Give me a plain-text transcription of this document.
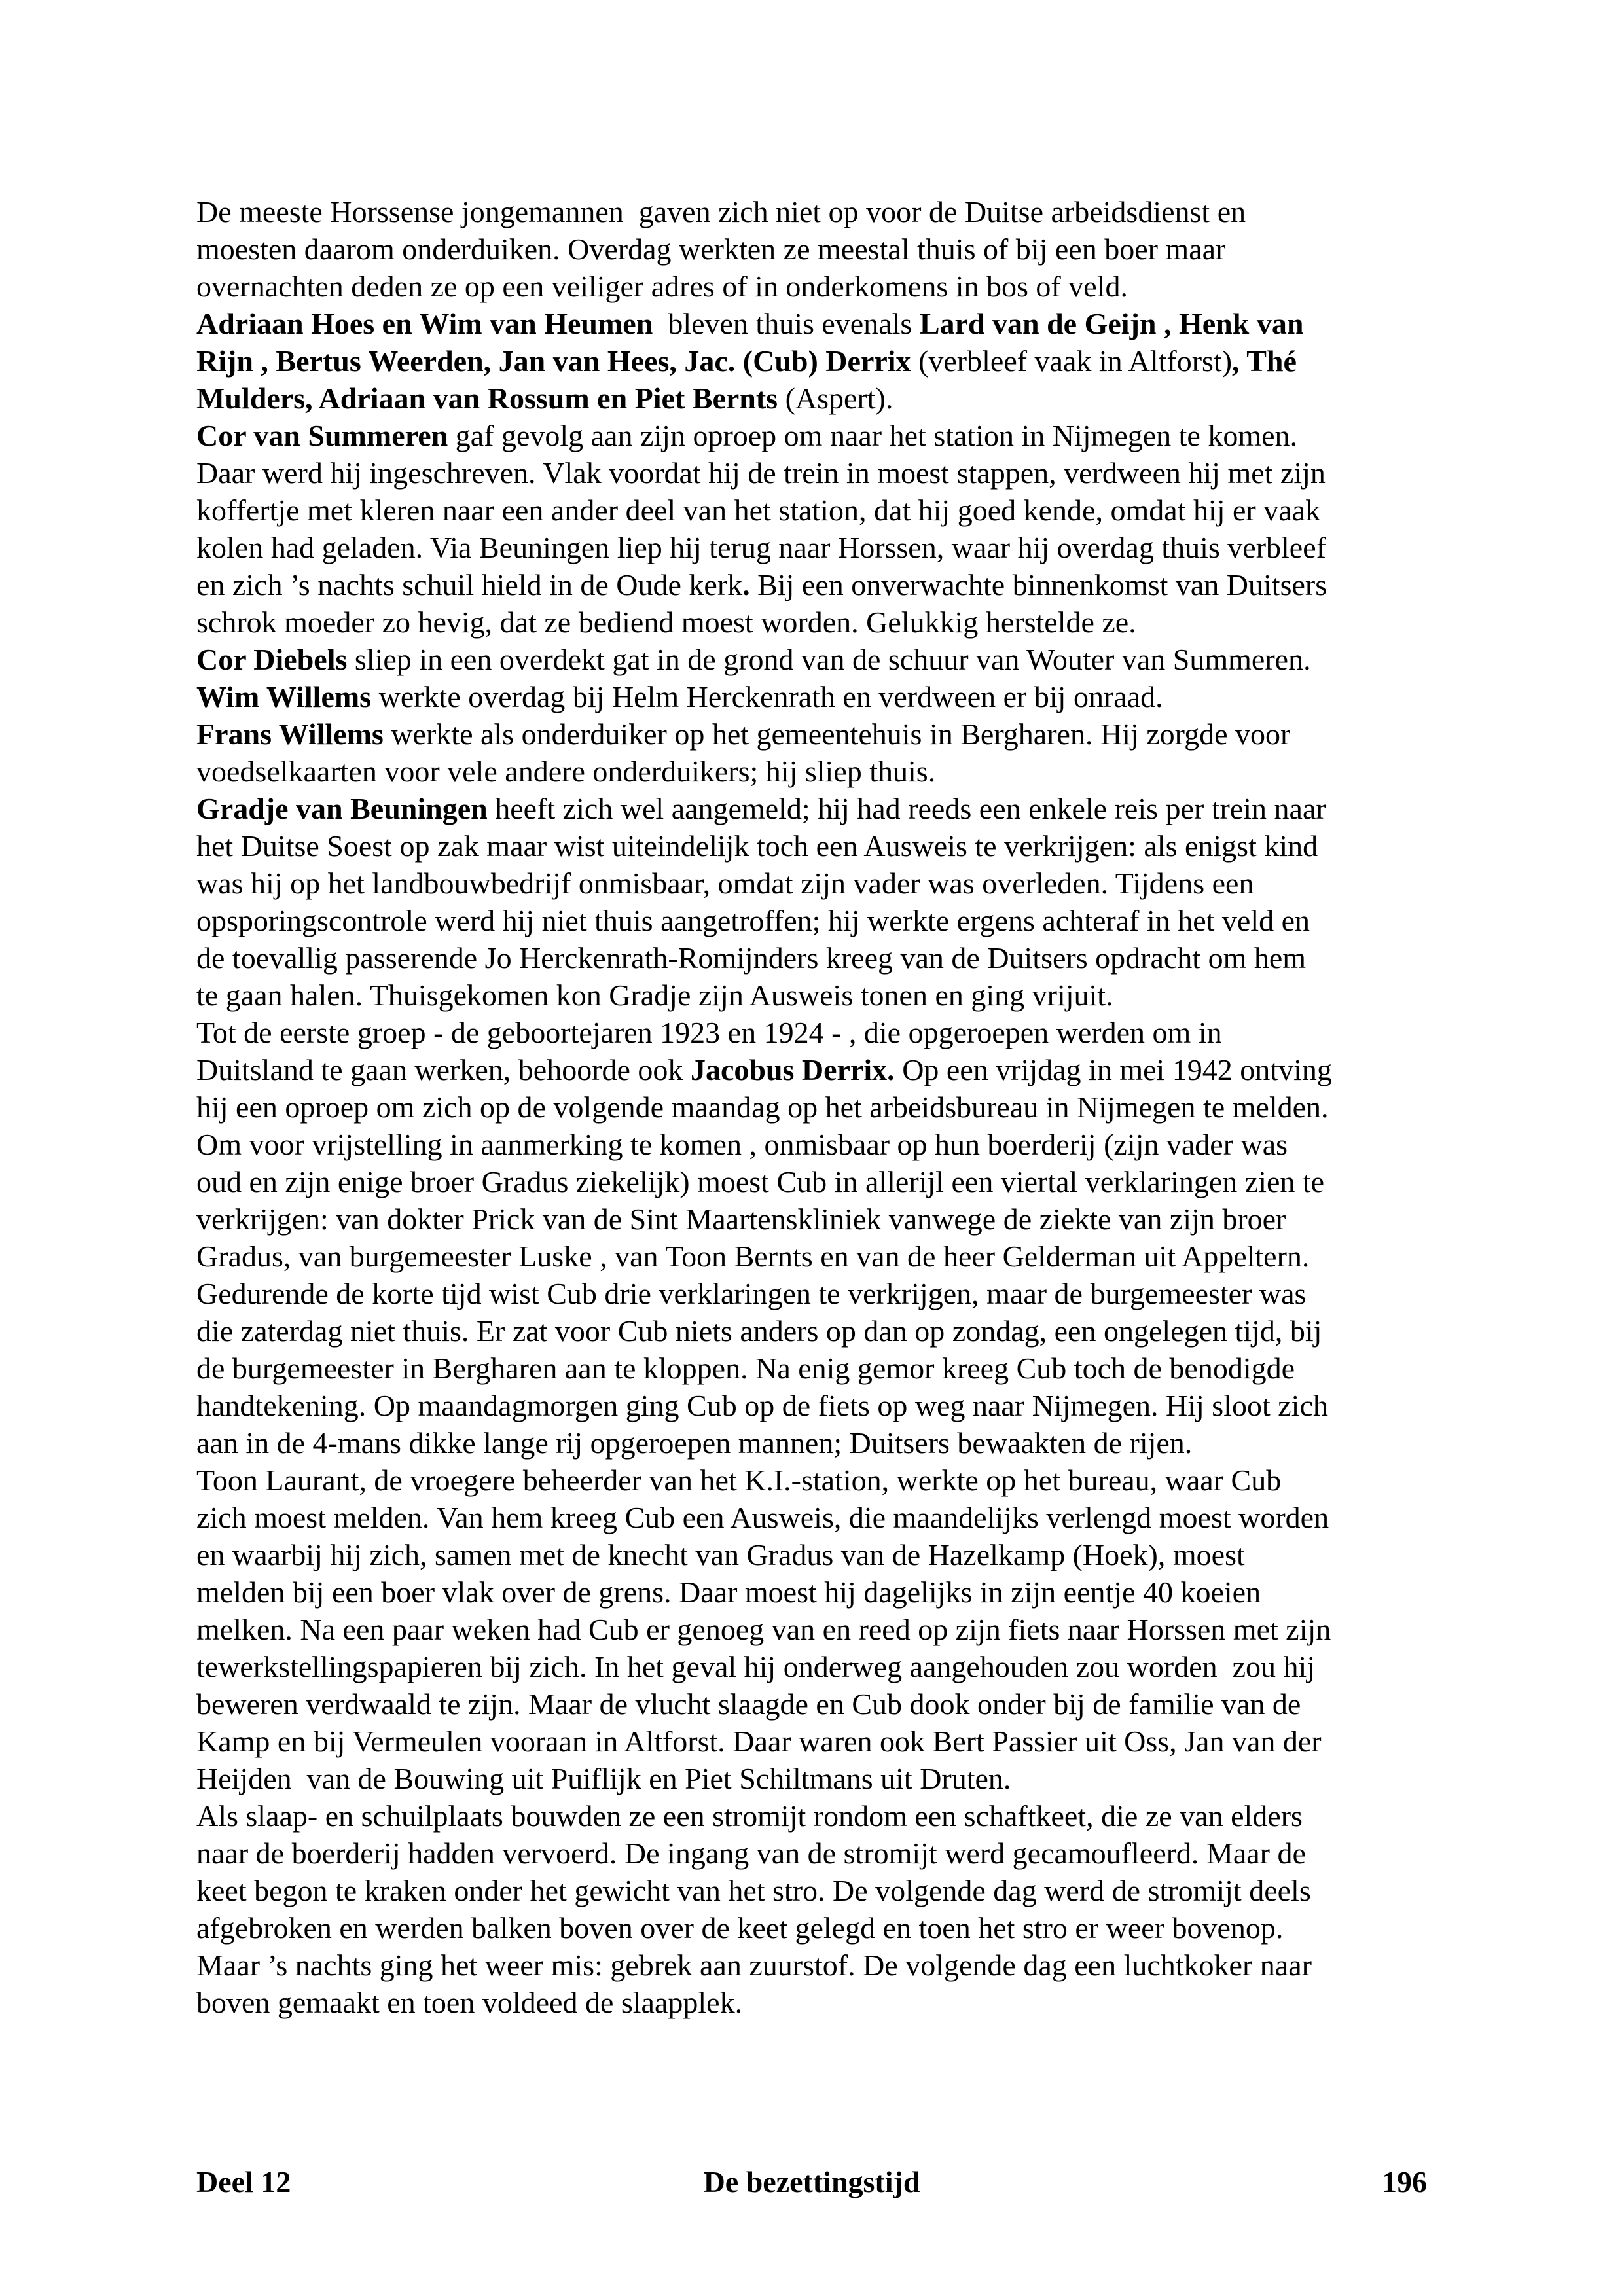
De meeste Horssense jongemannen  gaven zich niet op voor de Duitse arbeidsdienst en
moesten daarom onderduiken. Overdag werkten ze meestal thuis of bij een boer maar
overnachten deden ze op een veiliger adres of in onderkomens in bos of veld.
Adriaan Hoes en Wim van Heumen  bleven thuis evenals Lard van de Geijn , Henk van
Rijn , Bertus Weerden, Jan van Hees, Jac. (Cub) Derrix (verbleef vaak in Altforst), Thé
Mulders, Adriaan van Rossum en Piet Bernts (Aspert).
Cor van Summeren gaf gevolg aan zijn oproep om naar het station in Nijmegen te komen.
Daar werd hij ingeschreven. Vlak voordat hij de trein in moest stappen, verdween hij met zijn
koffertje met kleren naar een ander deel van het station, dat hij goed kende, omdat hij er vaak
kolen had geladen. Via Beuningen liep hij terug naar Horssen, waar hij overdag thuis verbleef
en zich ’s nachts schuil hield in de Oude kerk. Bij een onverwachte binnenkomst van Duitsers
schrok moeder zo hevig, dat ze bediend moest worden. Gelukkig herstelde ze.
Cor Diebels sliep in een overdekt gat in de grond van de schuur van Wouter van Summeren.
Wim Willems werkte overdag bij Helm Herckenrath en verdween er bij onraad.
Frans Willems werkte als onderduiker op het gemeentehuis in Bergharen. Hij zorgde voor
voedselkaarten voor vele andere onderduikers; hij sliep thuis.
Gradje van Beuningen heeft zich wel aangemeld; hij had reeds een enkele reis per trein naar
het Duitse Soest op zak maar wist uiteindelijk toch een Ausweis te verkrijgen: als enigst kind
was hij op het landbouwbedrijf onmisbaar, omdat zijn vader was overleden. Tijdens een
opsporingscontrole werd hij niet thuis aangetroffen; hij werkte ergens achteraf in het veld en
de toevallig passerende Jo Herckenrath-Romijnders kreeg van de Duitsers opdracht om hem
te gaan halen. Thuisgekomen kon Gradje zijn Ausweis tonen en ging vrijuit.
Tot de eerste groep - de geboortejaren 1923 en 1924 - , die opgeroepen werden om in
Duitsland te gaan werken, behoorde ook Jacobus Derrix. Op een vrijdag in mei 1942 ontving
hij een oproep om zich op de volgende maandag op het arbeidsbureau in Nijmegen te melden.
Om voor vrijstelling in aanmerking te komen , onmisbaar op hun boerderij (zijn vader was
oud en zijn enige broer Gradus ziekelijk) moest Cub in allerijl een viertal verklaringen zien te
verkrijgen: van dokter Prick van de Sint Maartenskliniek vanwege de ziekte van zijn broer
Gradus, van burgemeester Luske , van Toon Bernts en van de heer Gelderman uit Appeltern.
Gedurende de korte tijd wist Cub drie verklaringen te verkrijgen, maar de burgemeester was
die zaterdag niet thuis. Er zat voor Cub niets anders op dan op zondag, een ongelegen tijd, bij
de burgemeester in Bergharen aan te kloppen. Na enig gemor kreeg Cub toch de benodigde
handtekening. Op maandagmorgen ging Cub op de fiets op weg naar Nijmegen. Hij sloot zich
aan in de 4-mans dikke lange rij opgeroepen mannen; Duitsers bewaakten de rijen.
Toon Laurant, de vroegere beheerder van het K.I.-station, werkte op het bureau, waar Cub
zich moest melden. Van hem kreeg Cub een Ausweis, die maandelijks verlengd moest worden
en waarbij hij zich, samen met de knecht van Gradus van de Hazelkamp (Hoek), moest
melden bij een boer vlak over de grens. Daar moest hij dagelijks in zijn eentje 40 koeien
melken. Na een paar weken had Cub er genoeg van en reed op zijn fiets naar Horssen met zijn
tewerkstellingspapieren bij zich. In het geval hij onderweg aangehouden zou worden  zou hij
beweren verdwaald te zijn. Maar de vlucht slaagde en Cub dook onder bij de familie van de
Kamp en bij Vermeulen vooraan in Altforst. Daar waren ook Bert Passier uit Oss, Jan van der
Heijden  van de Bouwing uit Puiflijk en Piet Schiltmans uit Druten.
Als slaap- en schuilplaats bouwden ze een stromijt rondom een schaftkeet, die ze van elders
naar de boerderij hadden vervoerd. De ingang van de stromijt werd gecamoufleerd. Maar de
keet begon te kraken onder het gewicht van het stro. De volgende dag werd de stromijt deels
afgebroken en werden balken boven over de keet gelegd en toen het stro er weer bovenop.
Maar ’s nachts ging het weer mis: gebrek aan zuurstof. De volgende dag een luchtkoker naar
boven gemaakt en toen voldeed de slaapplek.
Deel 12	De bezettingstijd	196
